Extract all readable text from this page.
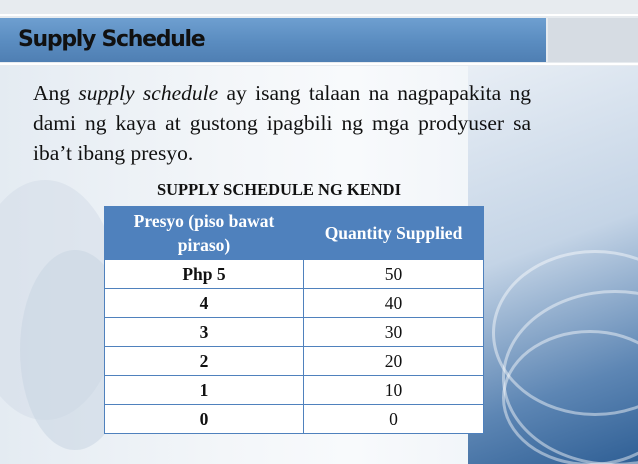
Supply Schedule

Ang supply schedule ay isang talaan na nagpapakita ng dami ng kaya at gustong ipagbili ng mga prodyuser sa iba’t ibang presyo.

SUPPLY SCHEDULE NG KENDI
Presyo (piso bawat piraso)	Quantity Supplied
Php 5	50
4	40
3	30
2	20
1	10
0	0
